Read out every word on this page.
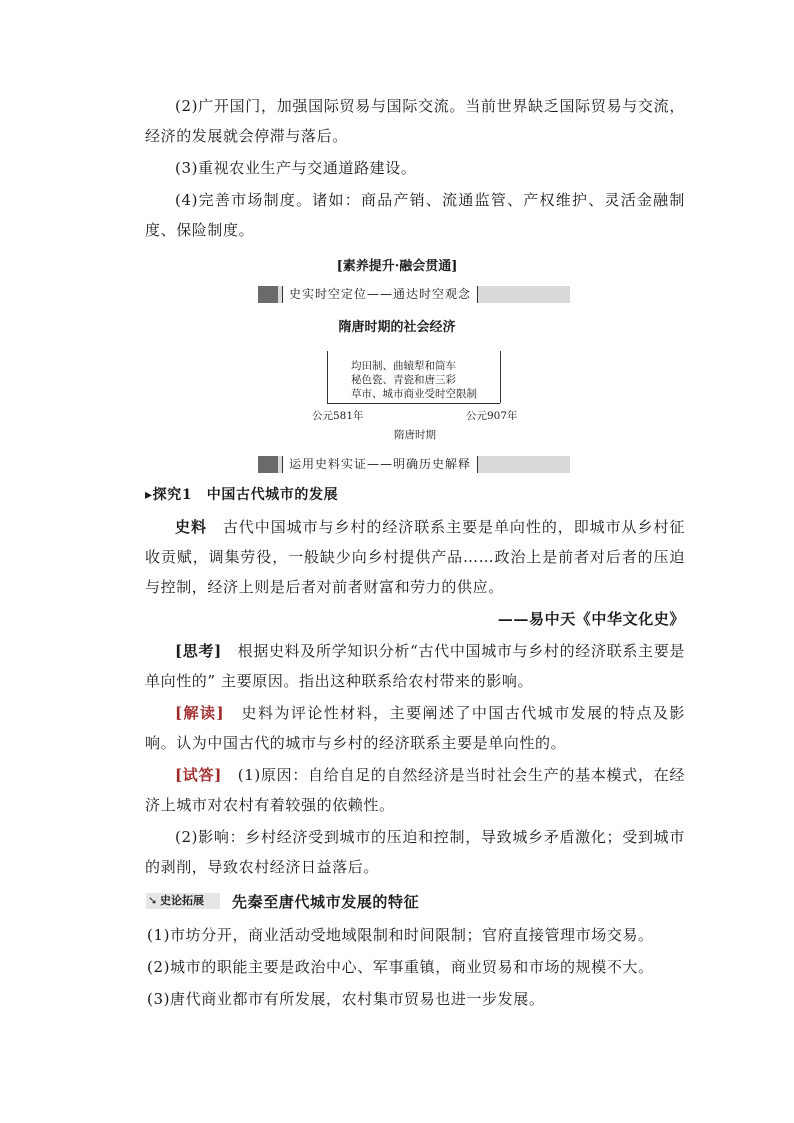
(2)广开国门，加强国际贸易与国际交流。当前世界缺乏国际贸易与交流，经济的发展就会停滞与落后。

(3)重视农业生产与交通道路建设。

(4)完善市场制度。诸如：商品产销、流通监管、产权维护、灵活金融制度、保险制度。

[素养提升·融会贯通]
史实时空定位——通达时空观念
隋唐时期的社会经济
均田制、曲辕犁和筒车
秘色瓷、青瓷和唐三彩
草市、城市商业受时空限制
公元581年	公元907年
隋唐时期
运用史料实证——明确历史解释

▸探究1　中国古代城市的发展

史料　 古代中国城市与乡村的经济联系主要是单向性的，即城市从乡村征收贡赋，调集劳役，一般缺少向乡村提供产品……政治上是前者对后者的压迫与控制，经济上则是后者对前者财富和劳力的供应。

——易中天《中华文化史》

[思考]　 根据史料及所学知识分析“古代中国城市与乡村的经济联系主要是单向性的” 主要原因。指出这种联系给农村带来的影响。

[解读]　 史料为评论性材料，主要阐述了中国古代城市发展的特点及影响。认为中国古代的城市与乡村的经济联系主要是单向性的。

[试答]　 (1)原因：自给自足的自然经济是当时社会生产的基本模式，在经济上城市对农村有着较强的依赖性。

(2)影响：乡村经济受到城市的压迫和控制，导致城乡矛盾激化；受到城市的剥削，导致农村经济日益落后。

➘ 史论拓展 先秦至唐代城市发展的特征

(1)市坊分开，商业活动受地域限制和时间限制；官府直接管理市场交易。

(2)城市的职能主要是政治中心、军事重镇，商业贸易和市场的规模不大。

(3)唐代商业都市有所发展，农村集市贸易也进一步发展。
